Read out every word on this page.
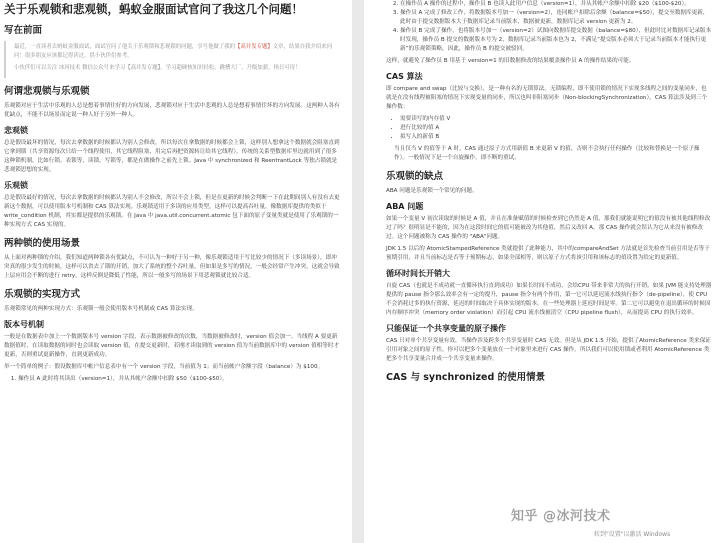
关于乐观锁和悲观锁，蚂蚁金服面试官问了我这几个问题！
写在前面

最近，一直读者去蚂蚁金服面试，面试官问了他关于乐观锁和悲观锁的问题，享号他做了我的【高并发专题】文章，结果自我介绍来问问！很多朋友应该都记得读过，供小伙伴们参考。

小伙伴们可以关注 冰河技术 微信公众号来学习【高并发专题】，学习超硬核知识轻松，跳槽大厂，升级加薪，指日可待！

何谓悲观锁与乐观锁

乐观锁对应于生活中乐观的人总是想着事情往好的方向发展，悲观锁对应于生活中悲观的人总是想着事情往坏的方向发展。这两种人各有优缺点，不能不以场景而定说一种人好于另外一种人。

悲观锁

总是假设最坏的情况，每次去拿数据的时候都认为别人会修改，所以每次在拿数据的时候都会上锁，这样别人想拿这个数据就会阻塞直到它拿到锁（共享资源每次只给一个线程使用，其它线程阻塞，用完后再把资源转让给其它线程）。传统的关系型数据库里边就用到了很多这种锁机制，比如行锁，表锁等，读锁，写锁等，都是在做操作之前先上锁。Java 中 synchronized 和 ReentrantLock 等独占锁就是悲观锁思想的实现。

乐观锁

总是假设最好的情况，每次去拿数据的时候都认为别人不会修改，所以不会上锁，但是在更新的时候会判断一下在此期间别人有没有去更新这个数据，可以使用版本号机制和 CAS 算法实现。乐观锁适用于多读的应用类型，这样可以提高吞吐量，像数据库提供的类似于 write_condition 机制，其实都是提供的乐观锁。在 Java 中 java.util.concurrent.atomic 包下面的原子变量类就是使用了乐观锁的一种实现方式 CAS 实现的。

两种锁的使用场景

从上面对两种锁的介绍，我们知道两种锁各有优缺点，不可认为一种好于另一种，像乐观锁适用于写比较少的情况下（多读场景），即冲突真的很少发生的时候，这样可以省去了锁的开销，加大了系统的整个吞吐量。但如果是多写的情况，一般会经常产生冲突，这就会导致上层应用会不断的进行 retry，这样反倒是降低了性能，所以一般多写的场景下用悲观锁就比较合适。

乐观锁的实现方式

乐观锁常见的两种实现方式：乐观锁一般会使用版本号机制或 CAS 算法实现。

版本号机制

一般是在数据表中加上一个数据版本号 version 字段，表示数据被修改的次数，当数据被修改时，version 值会加一。当线程 A 要更新数据值时，在读取数据的同时也会读取 version 值，在提交更新时，若刚才读取到的 version 值为当前数据库中的 version 值相等时才更新，否则重试更新操作，直到更新成功。

举一个简单的例子：假设数据库中帐户信息表中有一个 version 字段，当前值为 1；而当前帐户余额字段（balance）为 $100。

1. 操作员 A 此时将其读出（version=1），并从其帐户余额中扣除 $50（$100-$50）。
2. 在操作员 A 操作的过程中，操作员 B 也读入此用户信息（version=1），并从其帐户余额中扣除 $20（$100-$20）。
3. 操作员 A 完成了修改工作，将数据版本号加一（version=2），连同帐户扣除后余额（balance=$50），提交至数据库更新，此时由于提交数据版本大于数据库记录当前版本，数据被更新，数据库记录 version 更新为 2。
4. 操作员 B 完成了操作，也将版本号加一（version=2）试图向数据库提交数据（balance=$80），但此时比对数据库记录版本时发现，操作员 B 提交的数据版本号为 2，数据库记录当前版本也为 2，不满足“提交版本必须大于记录当前版本才能执行更新”的乐观锁策略，因此，操作员 B 的提交被驳回。

这样，就避免了操作员 B 用基于 version=1 的旧数据修改的结果覆盖操作员 A 的操作结果的可能。

CAS 算法

即 compare and swap（比较与交换），是一种有名的无锁算法。无锁编程，即不使用锁的情况下实现多线程之间的变量同步，也就是在没有线程被阻塞的情况下实现变量的同步，所以也叫非阻塞同步（Non-blockingSynchronization）。CAS 算法涉及到三个操作数：

• 需要读写的内存值 V
• 进行比较的值 A
• 拟写入的新值 B

当且仅当 V 的值等于 A 时，CAS 通过原子方式用新值 B 来更新 V 的值，否则不会执行任何操作（比较和替换是一个原子操作）。一般情况下是一个自旋操作，即不断的重试。

乐观锁的缺点

ABA 问题是乐观锁一个常见的问题。

ABA 问题

如果一个变量 V 初次读取的时候是 A 值，并且在准备赋值的时候检查到它仍然是 A 值，那我们就能说明它的值没有被其他线程修改过了吗？很明显是不能的，因为在这段时间它的值可能被改为其他值，然后又改回 A，那 CAS 操作就会误认为它从来没有被修改过。这个问题被称为 CAS 操作的 "ABA"问题。

JDK 1.5 以后的 AtomicStampedReference 类就提供了此种能力，其中的compareAndSet 方法就是首先检查当前引用是否等于预期引用，并且当前标志是否等于预期标志，如果全部相等，则以原子方式将该引用和该标志的值设置为给定的更新值。

循环时间长开销大

自旋 CAS（也就是不成功就一直循环执行直到成功）如果长时间不成功，会给CPU 带来非常大的执行开销。如果 JVM 能支持处理器提供的 pause 指令那么效率会有一定的提升，pause 指令有两个作用，第一它可以延迟流水线执行指令（de-pipeline），使 CPU 不会消耗过多的执行资源，延迟的时间取决于具体实现的版本，在一些处理器上延迟时间是零。第二它可以避免在退出循环的时候因内存顺序冲突（memory order violation）而引起 CPU 流水线被清空（CPU pipeline flush），从而提高 CPU 的执行效率。

只能保证一个共享变量的原子操作

CAS 只对单个共享变量有效，当操作涉及跨多个共享变量时 CAS 无效。但是从 JDK 1.5 开始，提供了AtomicReference 类来保证引用对象之间的原子性，你可以把多个变量放在一个对象里来进行 CAS 操作。所以我们可以使用锁或者利用 AtomicReference 类把多个共享变量合并成一个共享变量来操作。

CAS 与 synchronized 的使用情景
知乎 @冰河技术
转到"设置"以激活 Windows
